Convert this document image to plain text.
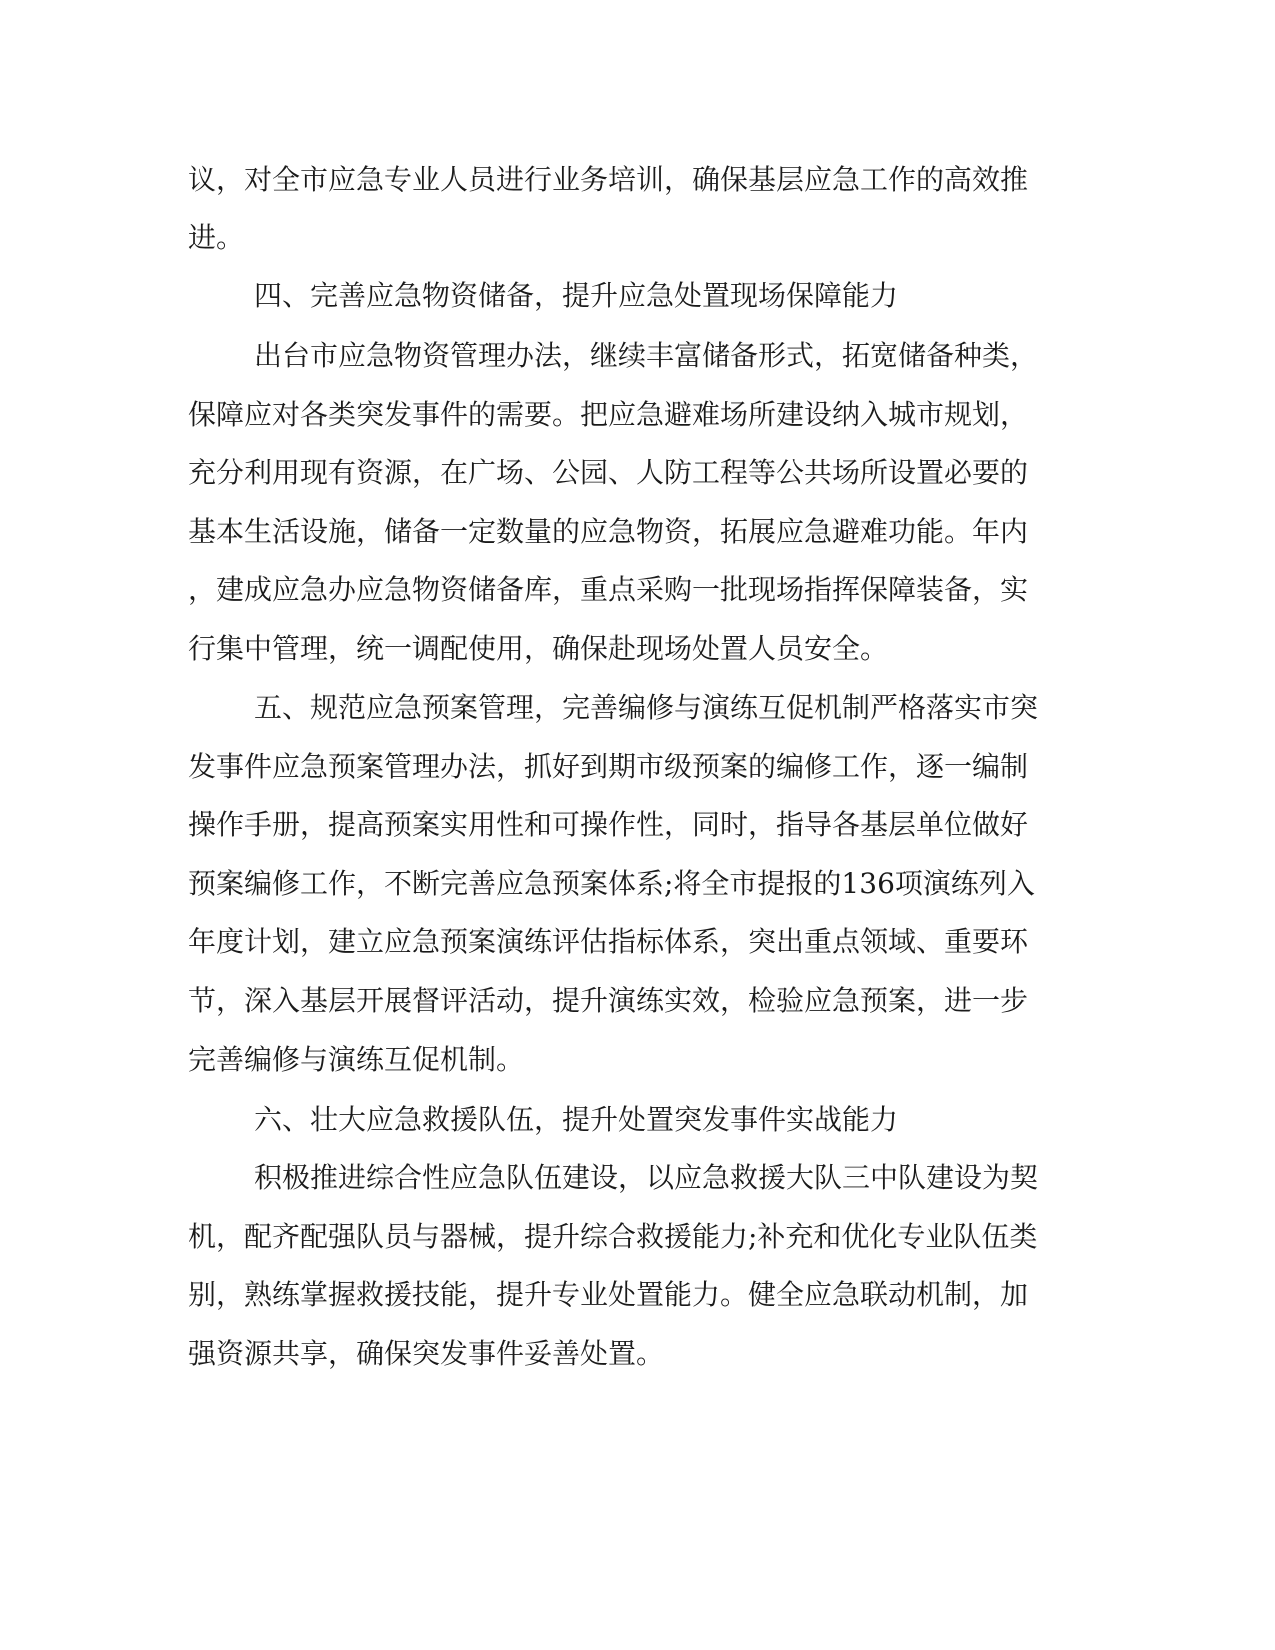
议，对全市应急专业人员进行业务培训，确保基层应急工作的高效推
进。
四、完善应急物资储备，提升应急处置现场保障能力
出台市应急物资管理办法，继续丰富储备形式，拓宽储备种类，
保障应对各类突发事件的需要。把应急避难场所建设纳入城市规划，
充分利用现有资源，在广场、公园、人防工程等公共场所设置必要的
基本生活设施，储备一定数量的应急物资，拓展应急避难功能。年内
，建成应急办应急物资储备库，重点采购一批现场指挥保障装备，实
行集中管理，统一调配使用，确保赴现场处置人员安全。
五、规范应急预案管理，完善编修与演练互促机制严格落实市突
发事件应急预案管理办法，抓好到期市级预案的编修工作，逐一编制
操作手册，提高预案实用性和可操作性，同时，指导各基层单位做好
预案编修工作，不断完善应急预案体系;将全市提报的136项演练列入
年度计划，建立应急预案演练评估指标体系，突出重点领域、重要环
节，深入基层开展督评活动，提升演练实效，检验应急预案，进一步
完善编修与演练互促机制。
六、壮大应急救援队伍，提升处置突发事件实战能力
积极推进综合性应急队伍建设，以应急救援大队三中队建设为契
机，配齐配强队员与器械，提升综合救援能力;补充和优化专业队伍类
别，熟练掌握救援技能，提升专业处置能力。健全应急联动机制，加
强资源共享，确保突发事件妥善处置。
